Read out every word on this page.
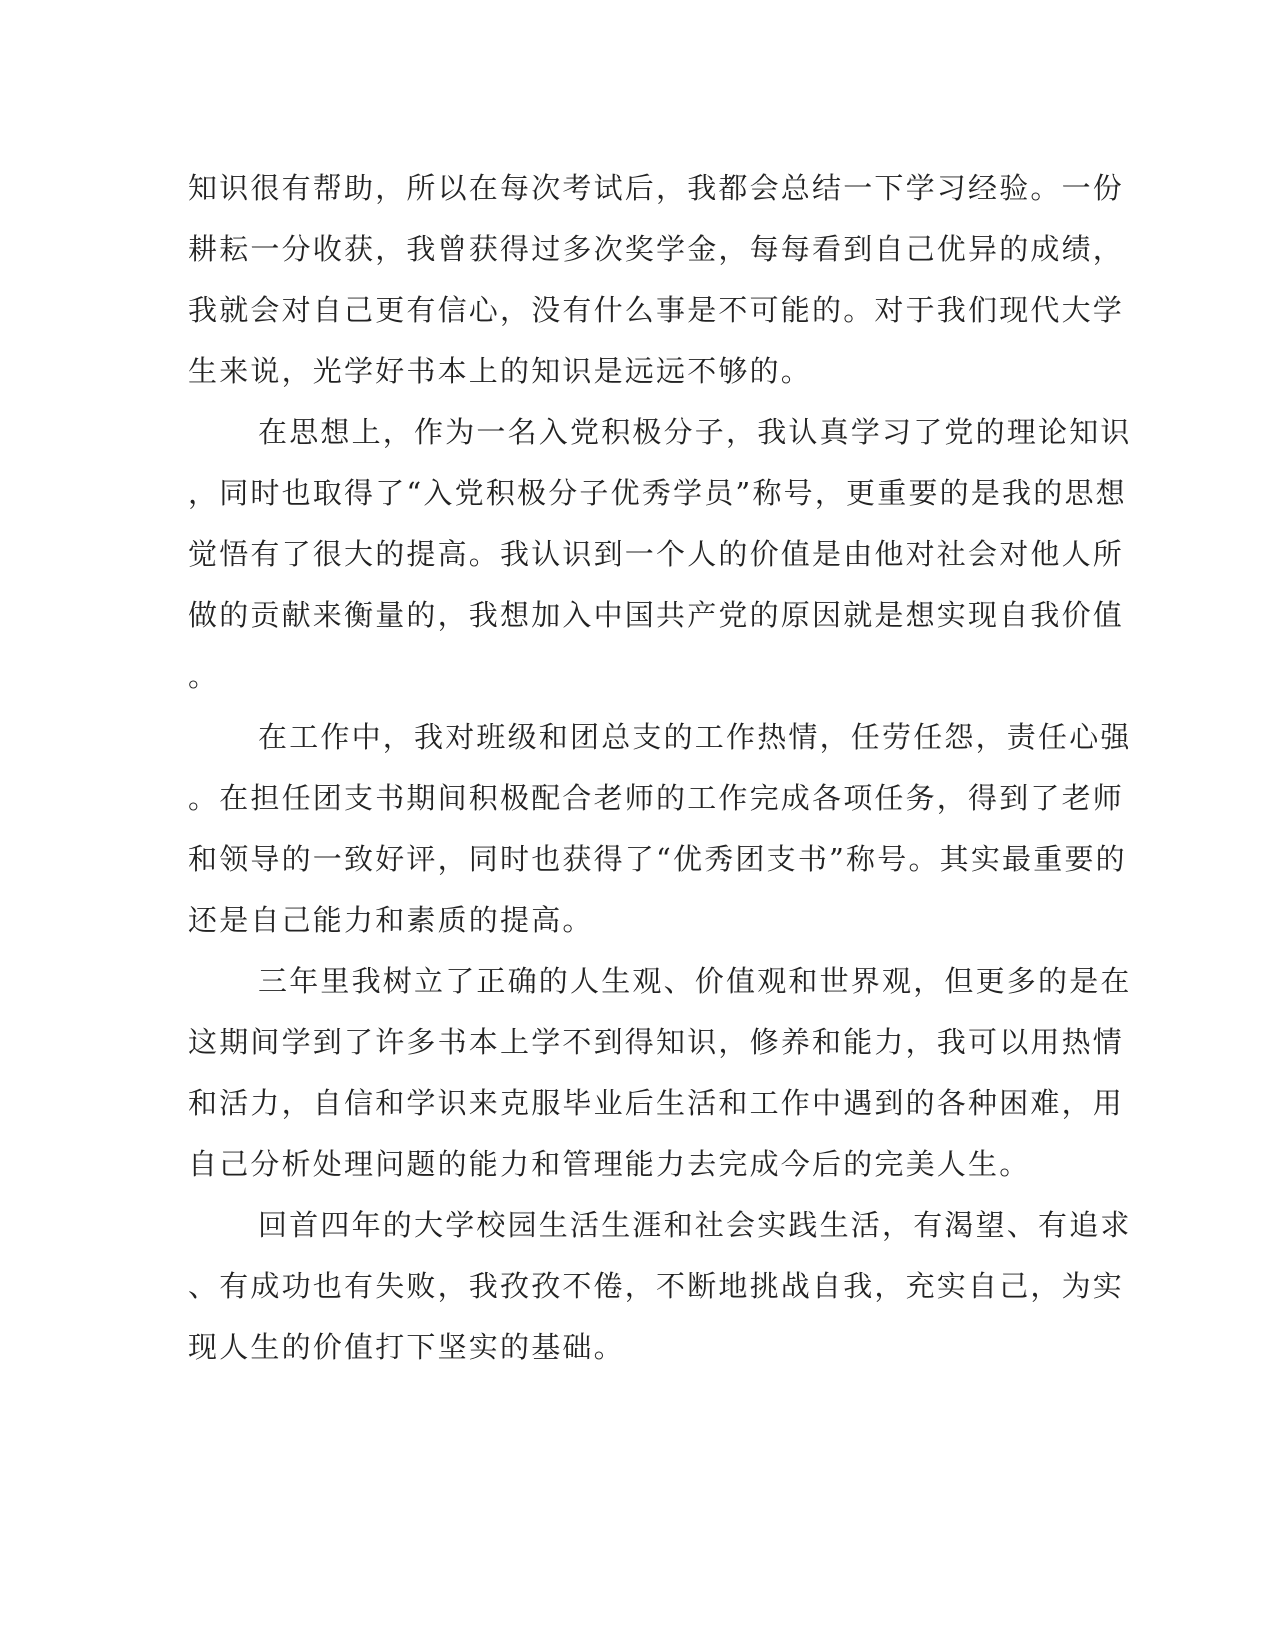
知识很有帮助，所以在每次考试后，我都会总结一下学习经验。一份
耕耘一分收获，我曾获得过多次奖学金，每每看到自己优异的成绩，
我就会对自己更有信心，没有什么事是不可能的。对于我们现代大学
生来说，光学好书本上的知识是远远不够的。
在思想上，作为一名入党积极分子，我认真学习了党的理论知识
，同时也取得了“入党积极分子优秀学员”称号，更重要的是我的思想
觉悟有了很大的提高。我认识到一个人的价值是由他对社会对他人所
做的贡献来衡量的，我想加入中国共产党的原因就是想实现自我价值
。
在工作中，我对班级和团总支的工作热情，任劳任怨，责任心强
。在担任团支书期间积极配合老师的工作完成各项任务，得到了老师
和领导的一致好评，同时也获得了“优秀团支书”称号。其实最重要的
还是自己能力和素质的提高。
三年里我树立了正确的人生观、价值观和世界观，但更多的是在
这期间学到了许多书本上学不到得知识，修养和能力，我可以用热情
和活力，自信和学识来克服毕业后生活和工作中遇到的各种困难，用
自己分析处理问题的能力和管理能力去完成今后的完美人生。
回首四年的大学校园生活生涯和社会实践生活，有渴望、有追求
、有成功也有失败，我孜孜不倦，不断地挑战自我，充实自己，为实
现人生的价值打下坚实的基础。
